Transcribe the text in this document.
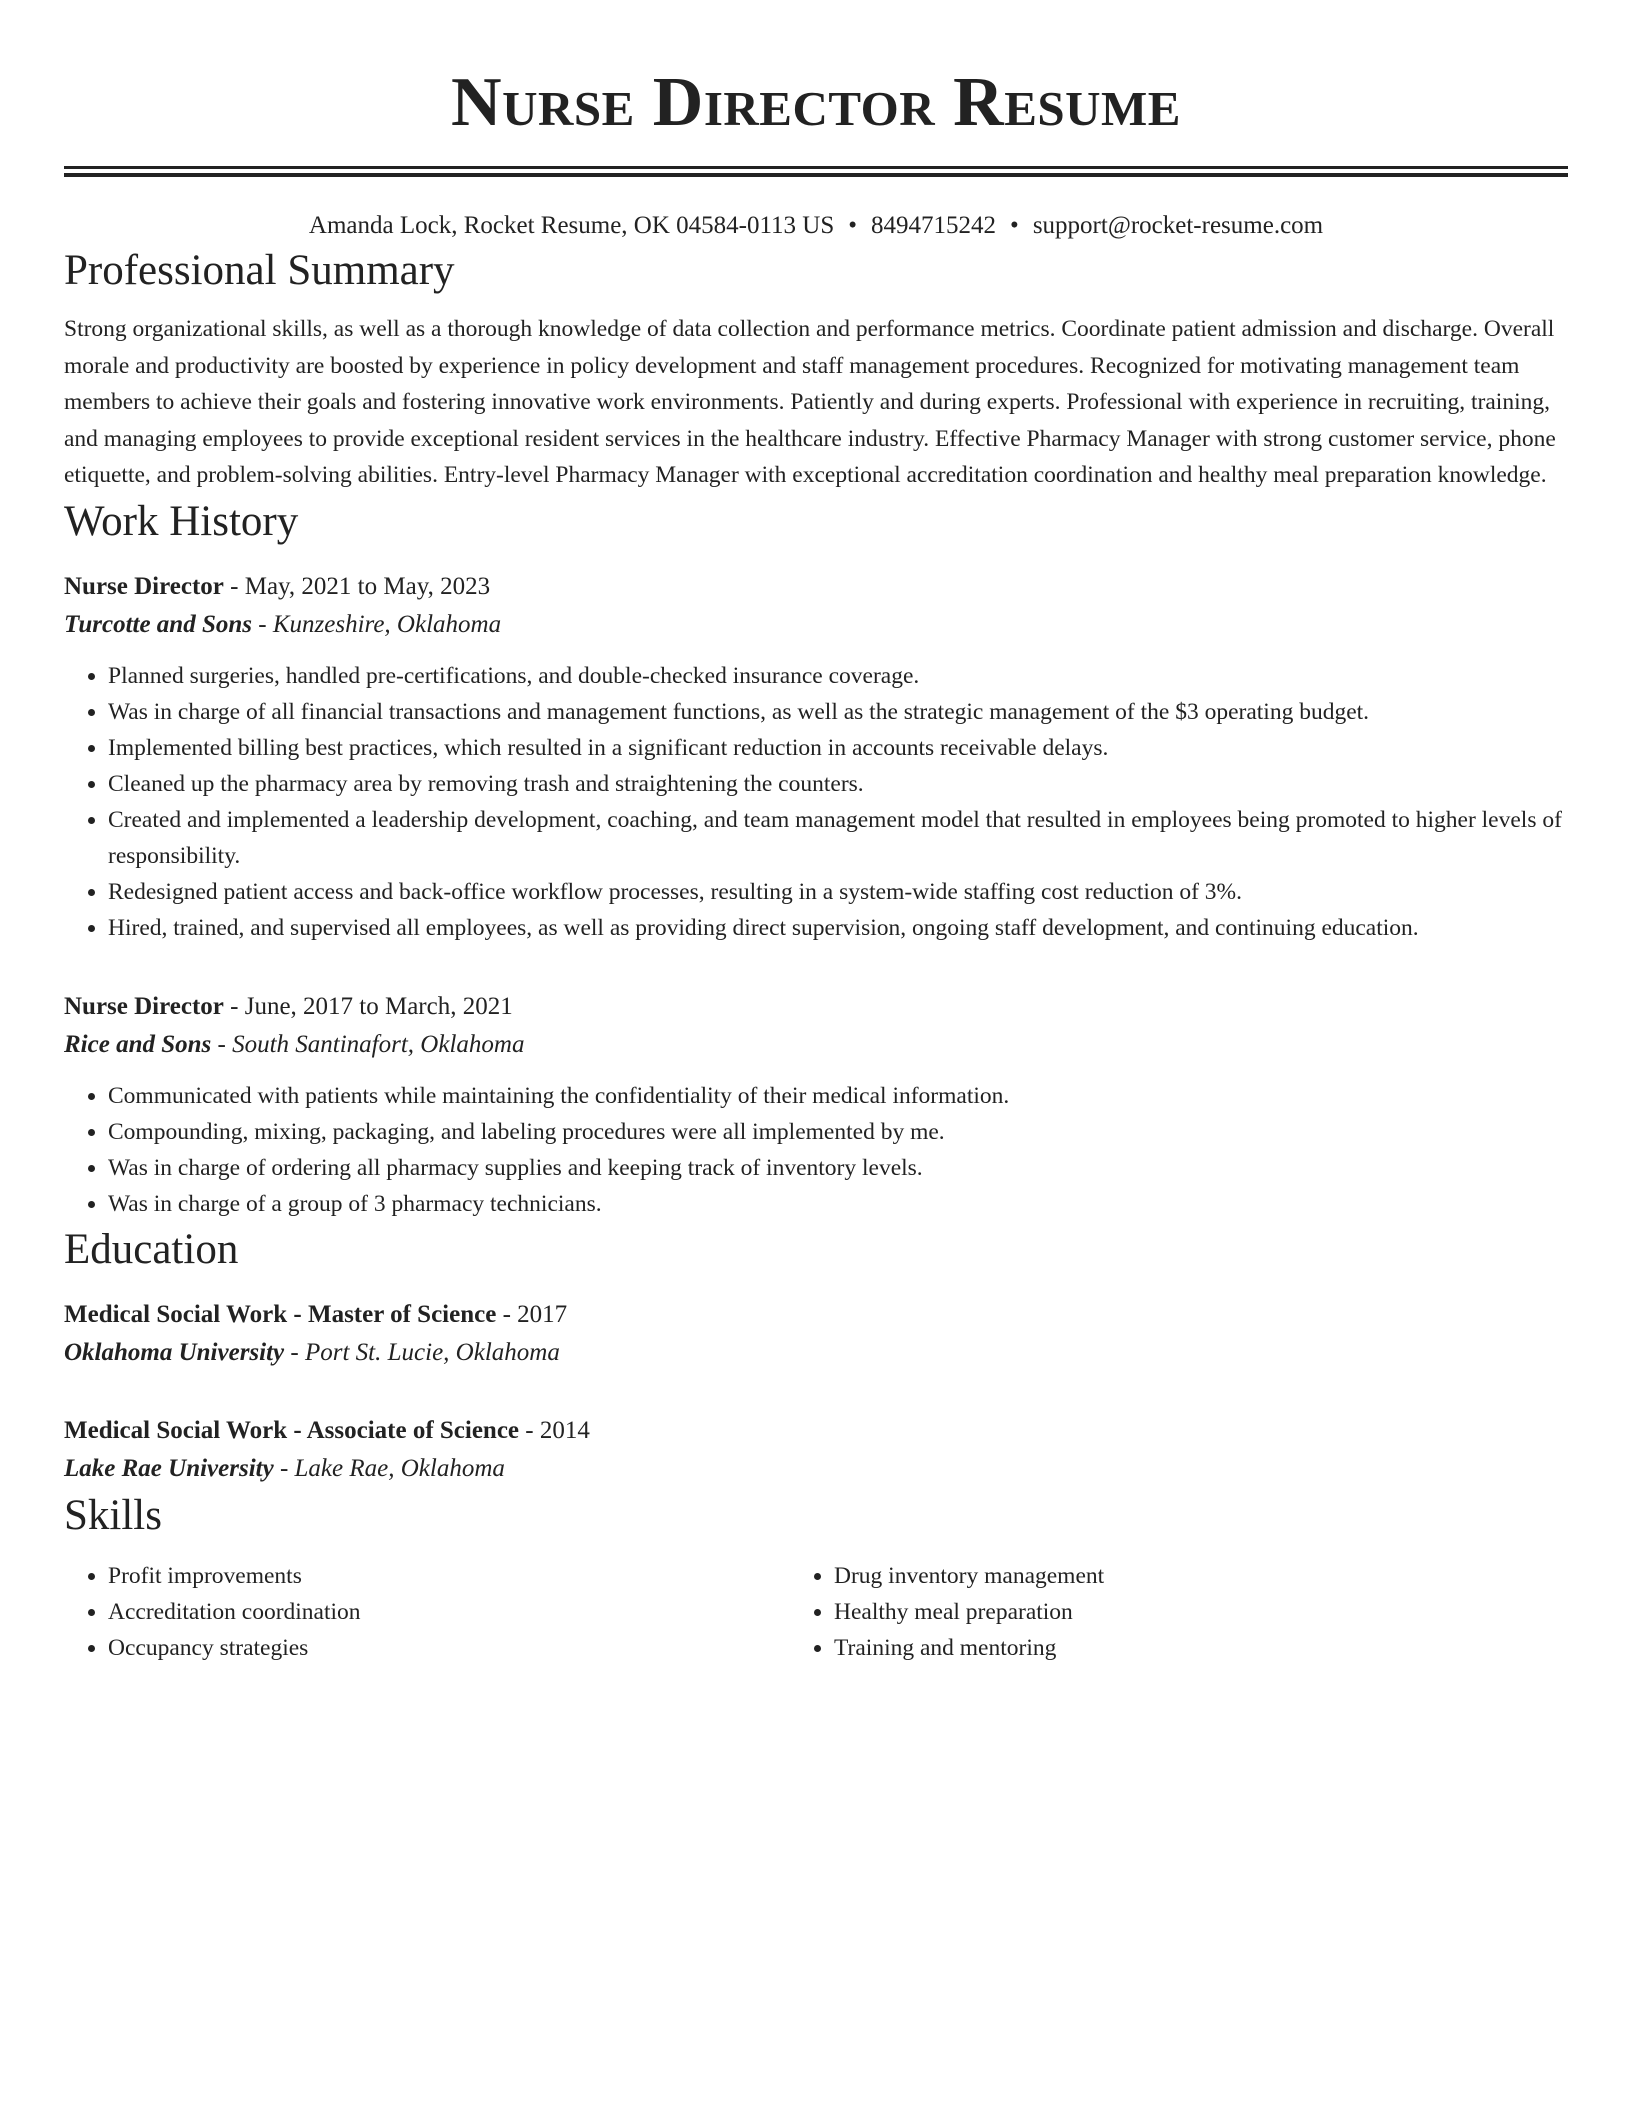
Nurse Director Resume
Amanda Lock, Rocket Resume, OK 04584-0113 US • 8494715242 • support@rocket-resume.com
Professional Summary

Strong organizational skills, as well as a thorough knowledge of data collection and performance metrics. Coordinate patient admission and discharge. Overall morale and productivity are boosted by experience in policy development and staff management procedures. Recognized for motivating management team members to achieve their goals and fostering innovative work environments. Patiently and during experts. Professional with experience in recruiting, training, and managing employees to provide exceptional resident services in the healthcare industry. Effective Pharmacy Manager with strong customer service, phone etiquette, and problem-solving abilities. Entry-level Pharmacy Manager with exceptional accreditation coordination and healthy meal preparation knowledge.

Work History
Nurse Director - May, 2021 to May, 2023
Turcotte and Sons - Kunzeshire, Oklahoma
• Planned surgeries, handled pre-certifications, and double-checked insurance coverage.
• Was in charge of all financial transactions and management functions, as well as the strategic management of the $3 operating budget.
• Implemented billing best practices, which resulted in a significant reduction in accounts receivable delays.
• Cleaned up the pharmacy area by removing trash and straightening the counters.
• Created and implemented a leadership development, coaching, and team management model that resulted in employees being promoted to higher levels of responsibility.
• Redesigned patient access and back-office workflow processes, resulting in a system-wide staffing cost reduction of 3%.
• Hired, trained, and supervised all employees, as well as providing direct supervision, ongoing staff development, and continuing education.
Nurse Director - June, 2017 to March, 2021
Rice and Sons - South Santinafort, Oklahoma
• Communicated with patients while maintaining the confidentiality of their medical information.
• Compounding, mixing, packaging, and labeling procedures were all implemented by me.
• Was in charge of ordering all pharmacy supplies and keeping track of inventory levels.
• Was in charge of a group of 3 pharmacy technicians.
Education
Medical Social Work - Master of Science - 2017
Oklahoma University - Port St. Lucie, Oklahoma
Medical Social Work - Associate of Science - 2014
Lake Rae University - Lake Rae, Oklahoma
Skills
• Profit improvements
• Accreditation coordination
• Occupancy strategies
• Drug inventory management
• Healthy meal preparation
• Training and mentoring
